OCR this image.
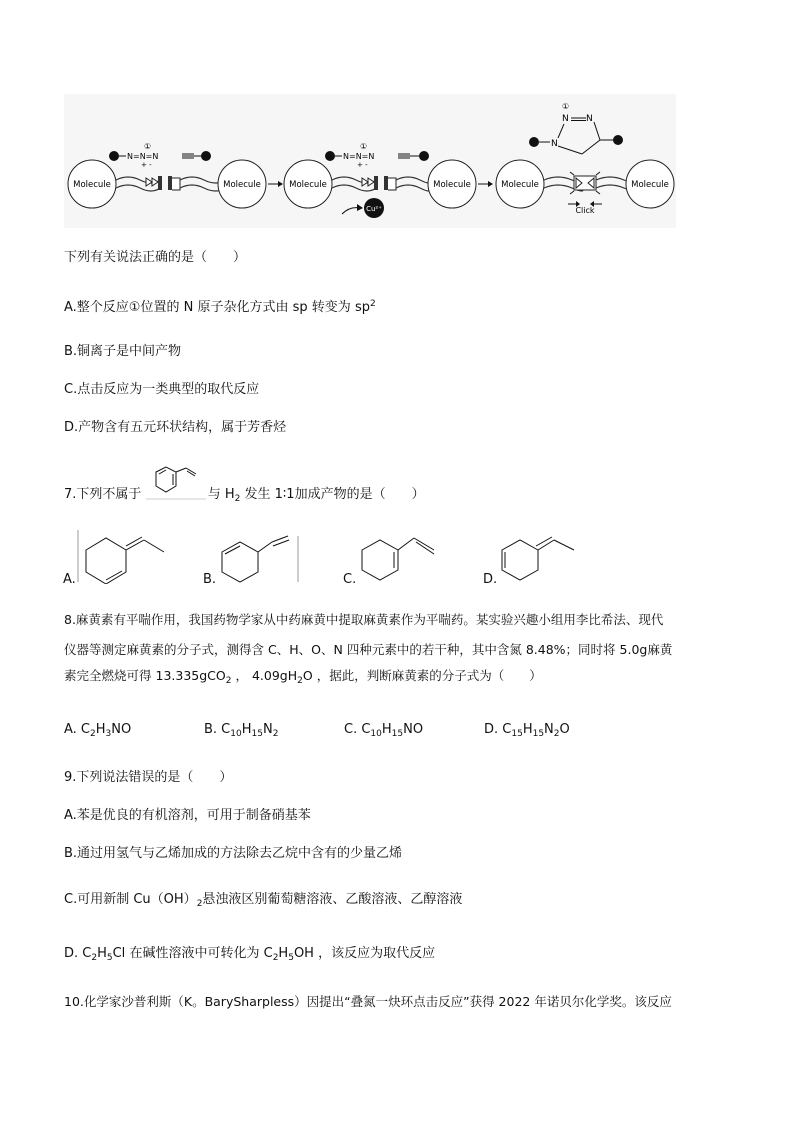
Molecule	Molecule
N=N=N
①
+ -
Molecule	Molecule
N=N=N
①
+ -
Cu²⁺
Molecule	Molecule
Click
N
N
①
N
下列有关说法正确的是（　　）
A.整个反应①位置的 N 原子杂化方式由 sp 转变为 $sp^2$
B.铜离子是中间产物
C.点击反应为一类典型的取代反应
D.产物含有五元环状结构，属于芳香烃
7.下列不属于	与 $H_2$ 发生 1∶1加成产物的是（　　）
A.	B.	C.	D.
8.麻黄素有平喘作用，我国药物学家从中药麻黄中提取麻黄素作为平喘药。某实验兴趣小组用李比希法、现代
仪器等测定麻黄素的分子式，测得含 C、H、O、N 四种元素中的若干种，其中含氮 8.48%；同时将 5.0g麻黄
素完全燃烧可得 13.335gCO$_2$ ， $4.09gH_2O$ ，据此，判断麻黄素的分子式为（　　）
A. $C_2H_3NO$	B. $C_{10}H_{15}N_2$	C. $C_{10}H_{15}NO$	D. $C_{15}H_{15}N_2O$
9.下列说法错误的是（　　）
A.苯是优良的有机溶剂，可用于制备硝基苯
B.通过用氢气与乙烯加成的方法除去乙烷中含有的少量乙烯
C.可用新制 $Cu(OH)_2$悬浊液区别葡萄糖溶液、乙酸溶液、乙醇溶液
D. $C_2H_5Cl$ 在碱性溶液中可转化为 $C_2H_5OH$ ，该反应为取代反应
10.化学家沙普利斯（K。BarySharpless）因提出“叠氮一炔环点击反应”获得 2022 年诺贝尔化学奖。该反应
